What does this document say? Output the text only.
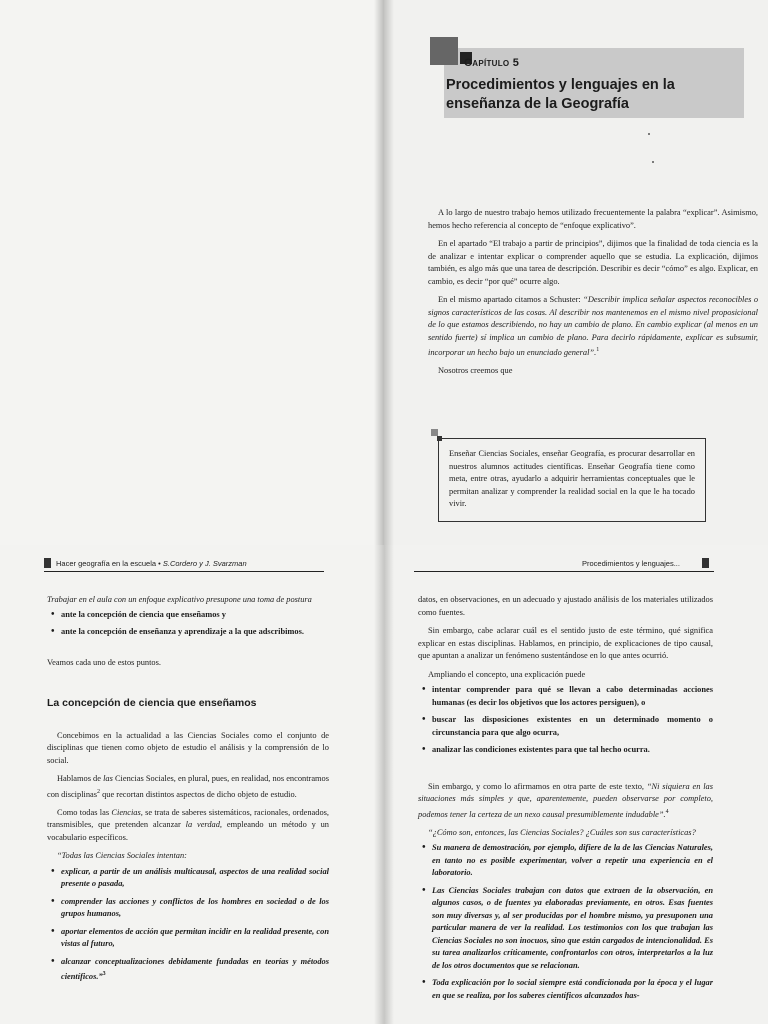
Capítulo 5
Procedimientos y lenguajes en la enseñanza de la Geografía

A lo largo de nuestro trabajo hemos utilizado frecuentemente la palabra “explicar”. Asimismo, hemos hecho referencia al concepto de “enfoque explicativo”.

En el apartado “El trabajo a partir de principios”, dijimos que la finalidad de toda ciencia es la de analizar e intentar explicar o comprender aquello que se estudia. La explicación, dijimos también, es algo más que una tarea de descripción. Describir es decir “cómo” es algo. Explicar, en cambio, es decir “por qué” ocurre algo.

En el mismo apartado citamos a Schuster: “Describir implica señalar aspectos reconocibles o signos característicos de las cosas. Al describir nos mantenemos en el mismo nivel proposicional de lo que estamos describiendo, no hay un cambio de plano. En cambio explicar (al menos en un sentido fuerte) sí implica un cambio de plano. Para decirlo rápidamente, explicar es subsumir, incorporar un hecho bajo un enunciado general”.$^1$

Nosotros creemos que

Enseñar Ciencias Sociales, enseñar Geografía, es procurar desarrollar en nuestros alumnos actitudes científicas. Enseñar Geografía tiene como meta, entre otras, ayudarlo a adquirir herramientas conceptuales que le permitan analizar y comprender la realidad social en la que le ha tocado vivir.

Hacer geografía en la escuela • S.Cordero y J. Svarzman

Trabajar en el aula con un enfoque explicativo presupone una toma de postura

• ante la concepción de ciencia que enseñamos y
• ante la concepción de enseñanza y aprendizaje a la que adscribimos.

Veamos cada uno de estos puntos.

La concepción de ciencia que enseñamos

Concebimos en la actualidad a las Ciencias Sociales como el conjunto de disciplinas que tienen como objeto de estudio el análisis y la comprensión de lo social.

Hablamos de las Ciencias Sociales, en plural, pues, en realidad, nos encontramos con disciplinas$^2$ que recortan distintos aspectos de dicho objeto de estudio.

Como todas las Ciencias, se trata de saberes sistemáticos, racionales, ordenados, transmisibles, que pretenden alcanzar la verdad, empleando un método y un vocabulario específicos.

“Todas las Ciencias Sociales intentan:

• explicar, a partir de un análisis multicausal, aspectos de una realidad social presente o pasada,
• comprender las acciones y conflictos de los hombres en sociedad o de los grupos humanos,
• aportar elementos de acción que permitan incidir en la realidad presente, con vistas al futuro,
• alcanzar conceptualizaciones debidamente fundadas en teorías y métodos científicos.”$^3$
Procedimientos y lenguajes...

datos, en observaciones, en un adecuado y ajustado análisis de los materiales utilizados como fuentes.

Sin embargo, cabe aclarar cuál es el sentido justo de este término, qué significa explicar en estas disciplinas. Hablamos, en principio, de explicaciones de tipo causal, que apuntan a analizar un fenómeno sustentándose en lo que antes ocurrió.

Ampliando el concepto, una explicación puede

• intentar comprender para qué se llevan a cabo determinadas acciones humanas (es decir los objetivos que los actores persiguen), o
• buscar las disposiciones existentes en un determinado momento o circunstancia para que algo ocurra,
• analizar las condiciones existentes para que tal hecho ocurra.

Sin embargo, y como lo afirmamos en otra parte de este texto, “Ni siquiera en las situaciones más simples y que, aparentemente, pueden observarse por completo, podemos tener la certeza de un nexo causal presumiblemente indudable”.$^4$

“¿Cómo son, entonces, las Ciencias Sociales? ¿Cuáles son sus características?

• Su manera de demostración, por ejemplo, difiere de la de las Ciencias Naturales, en tanto no es posible experimentar, volver a repetir una experiencia en el laboratorio.
• Las Ciencias Sociales trabajan con datos que extraen de la observación, en algunos casos, o de fuentes ya elaboradas previamente, en otros. Esas fuentes son muy diversas y, al ser producidas por el hombre mismo, ya presuponen una particular manera de ver la realidad. Los testimonios con los que trabajan las Ciencias Sociales no son inocuos, sino que están cargados de intencionalidad. Es su tarea analizarlos críticamente, confrontarlos con otros, interpretarlos a la luz de los otros documentos que se relacionan.
• Toda explicación por lo social siempre está condicionada por la época y el lugar en que se realiza, por los saberes científicos alcanzados has-
